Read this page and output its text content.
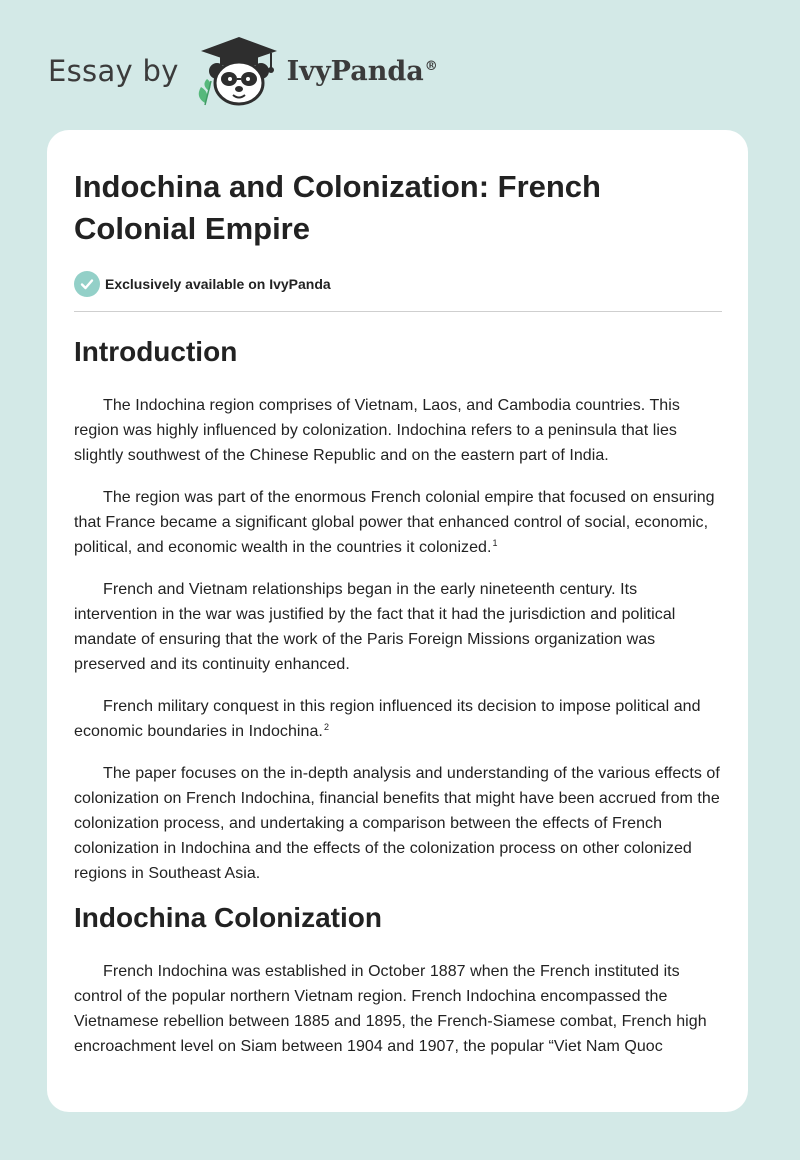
Essay by	IvyPanda®
Indochina and Colonization: French Colonial Empire
Exclusively available on IvyPanda
Introduction

The Indochina region comprises of Vietnam, Laos, and Cambodia countries. This region was highly influenced by colonization. Indochina refers to a peninsula that lies slightly southwest of the Chinese Republic and on the eastern part of India.

The region was part of the enormous French colonial empire that focused on ensuring that France became a significant global power that enhanced control of social, economic, political, and economic wealth in the countries it colonized.$^1$

French and Vietnam relationships began in the early nineteenth century. Its intervention in the war was justified by the fact that it had the jurisdiction and political mandate of ensuring that the work of the Paris Foreign Missions organization was preserved and its continuity enhanced.

French military conquest in this region influenced its decision to impose political and economic boundaries in Indochina.$^2$

The paper focuses on the in-depth analysis and understanding of the various effects of colonization on French Indochina, financial benefits that might have been accrued from the colonization process, and undertaking a comparison between the effects of French colonization in Indochina and the effects of the colonization process on other colonized regions in Southeast Asia.

Indochina Colonization

French Indochina was established in October 1887 when the French instituted its control of the popular northern Vietnam region. French Indochina encompassed the Vietnamese rebellion between 1885 and 1895, the French-Siamese combat, French high encroachment level on Siam between 1904 and 1907, the popular “Viet Nam Quoc
